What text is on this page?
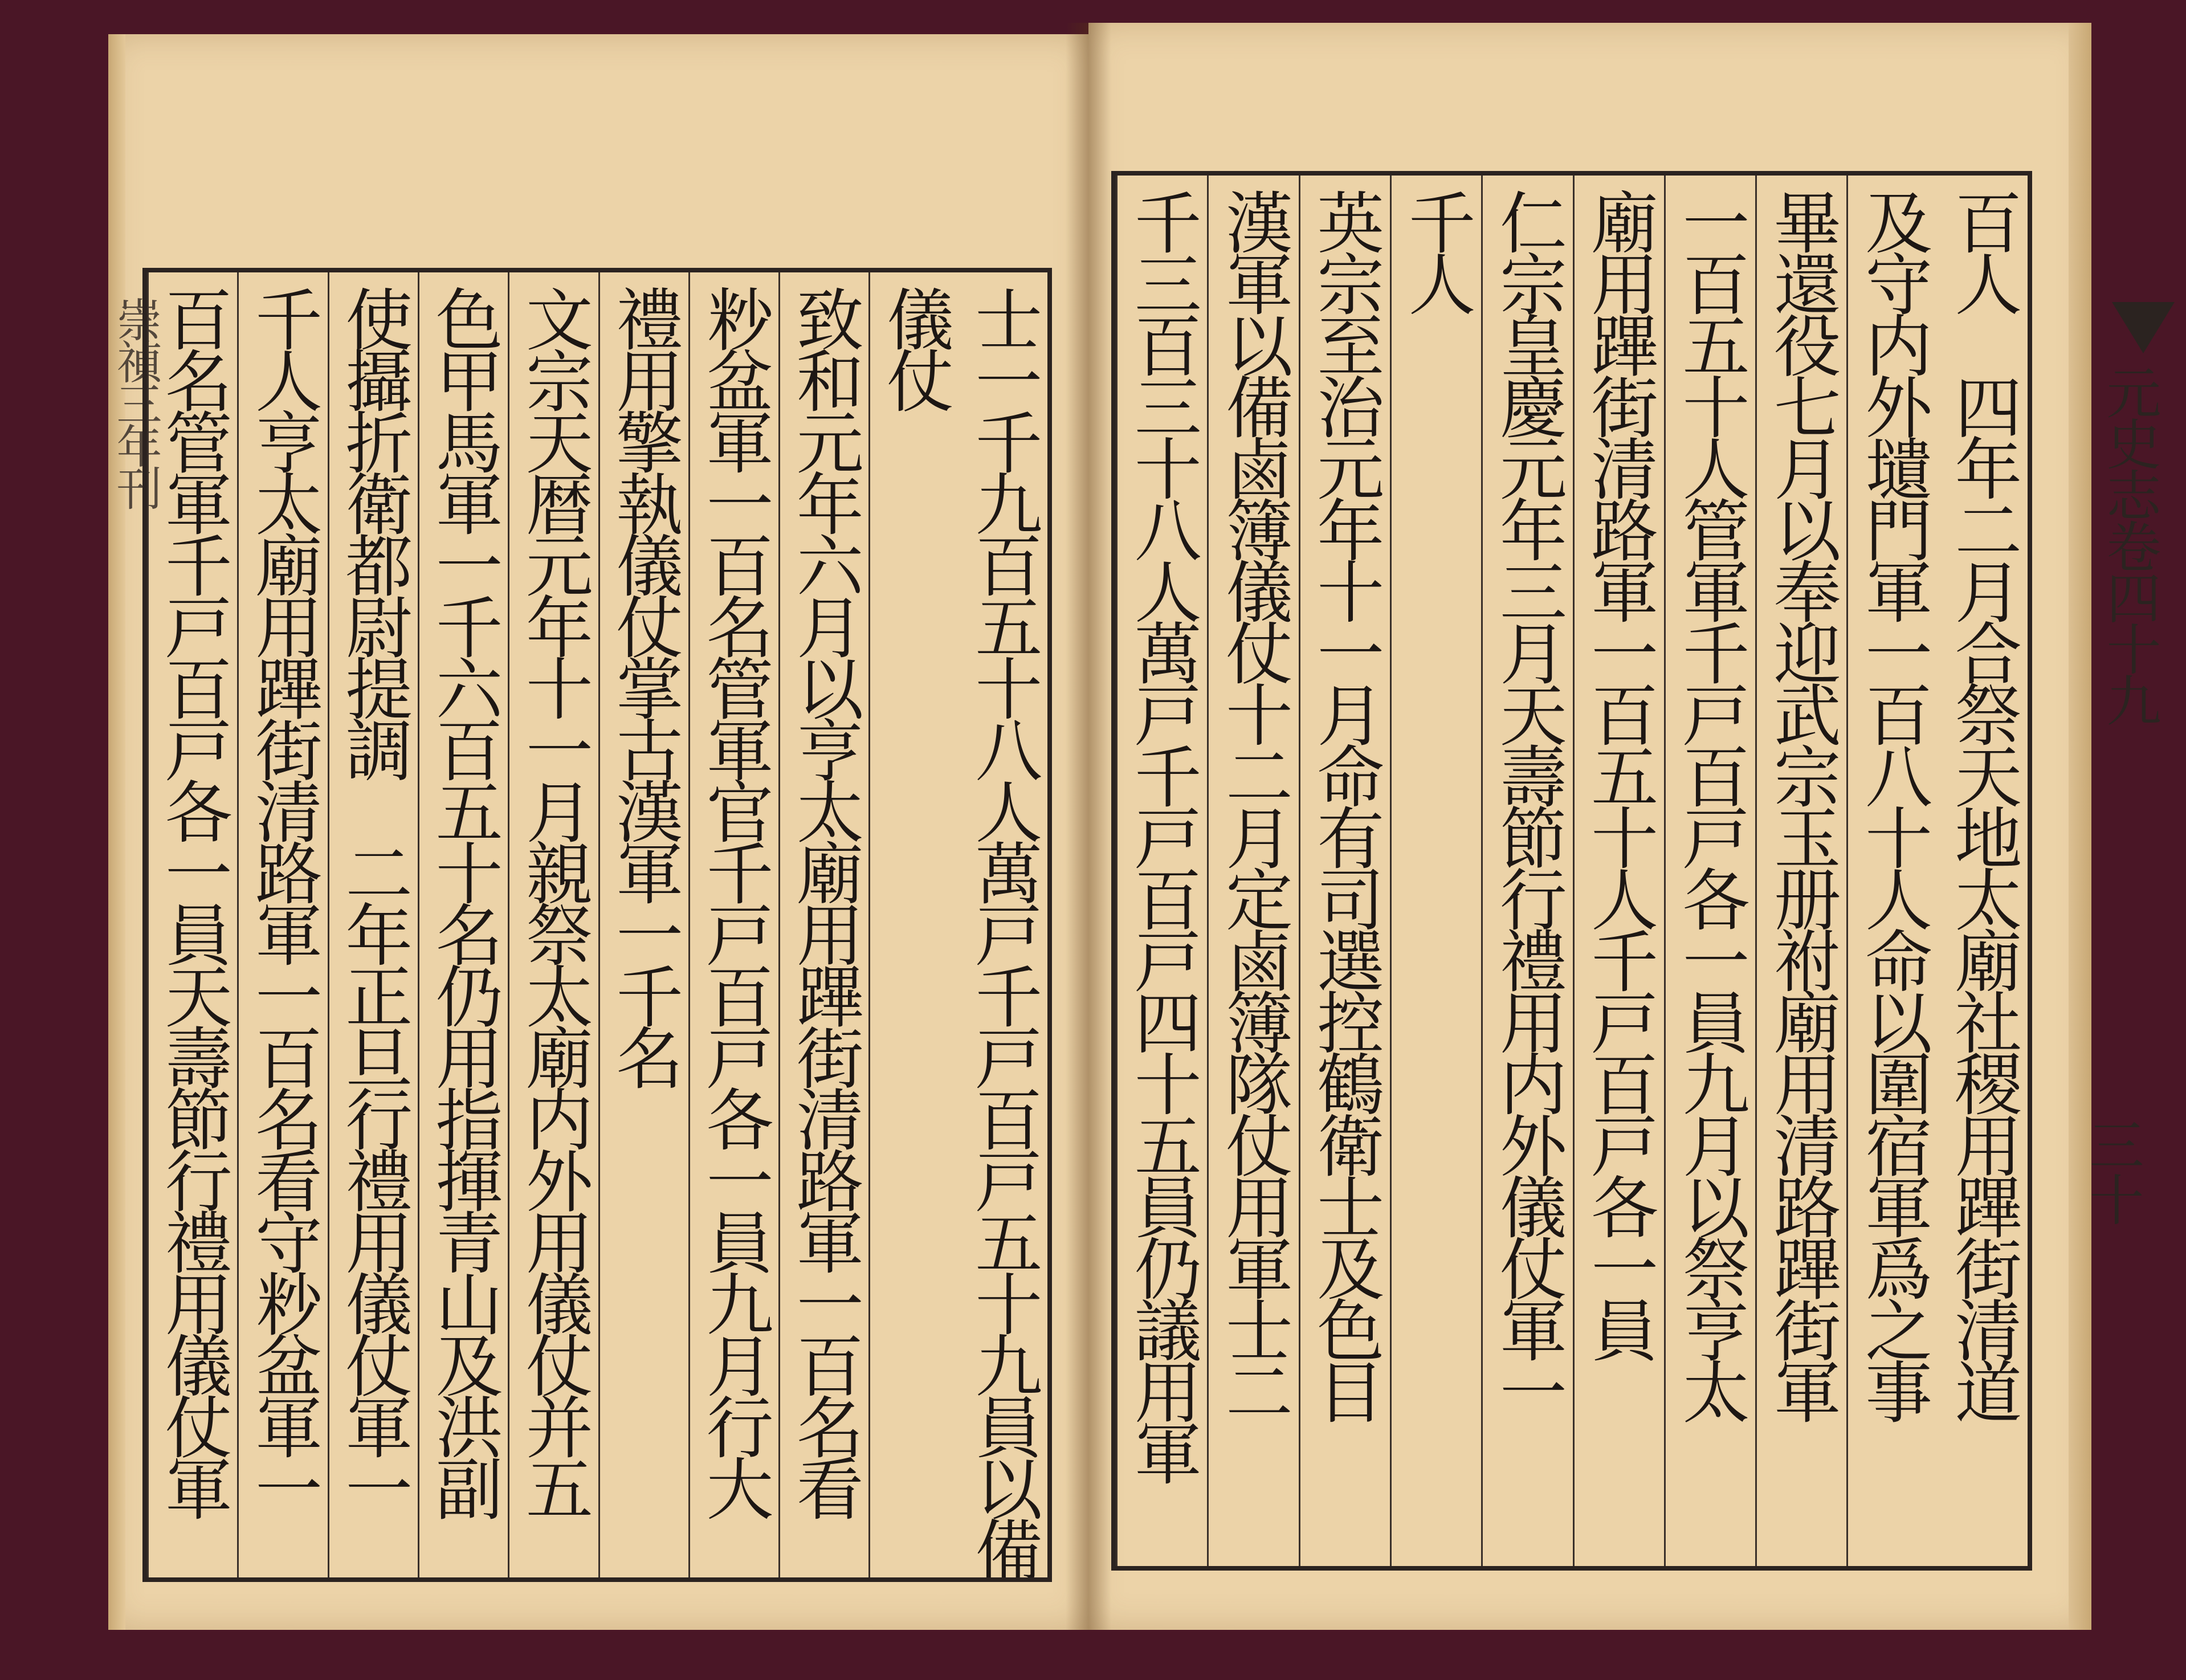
崇禎三年刊	士一千九百五十八人萬戸千戸百戸五十九員以備
儀仗
致和元年六月以亨太廟用蹕街清路軍一百名看
粆盆軍一百名管軍官千戸百戸各一員九月行大
禮用擎執儀仗掌古漢軍一千名
文宗天暦元年十一月親祭太廟内外用儀仗并五
色甲馬軍一千六百五十名仍用指揮青山及洪副
使攝折衛都尉提調　二年正旦行禮用儀仗軍一
千人亨太廟用蹕街清路軍一百名看守粆盆軍一
百名管軍千戸百戸各一員天壽節行禮用儀仗軍	百人　四年二月合祭天地太廟社稷用蹕街清道
及守内外壝門軍一百八十人命以圍宿軍爲之事
畢還役七月以奉迎武宗玉册祔廟用清路蹕街軍
一百五十人管軍千戸百戸各一員九月以祭亨太
廟用蹕街清路軍一百五十人千戸百戸各一員
仁宗皇慶元年三月天壽節行禮用内外儀仗軍一
千人
英宗至治元年十一月命有司選控鶴衛士及色目
漢軍以備鹵簿儀仗十二月定鹵簿隊仗用軍士二
千三百三十八人萬戸千戸百戸四十五員仍議用軍	元史志卷四十九
三十
